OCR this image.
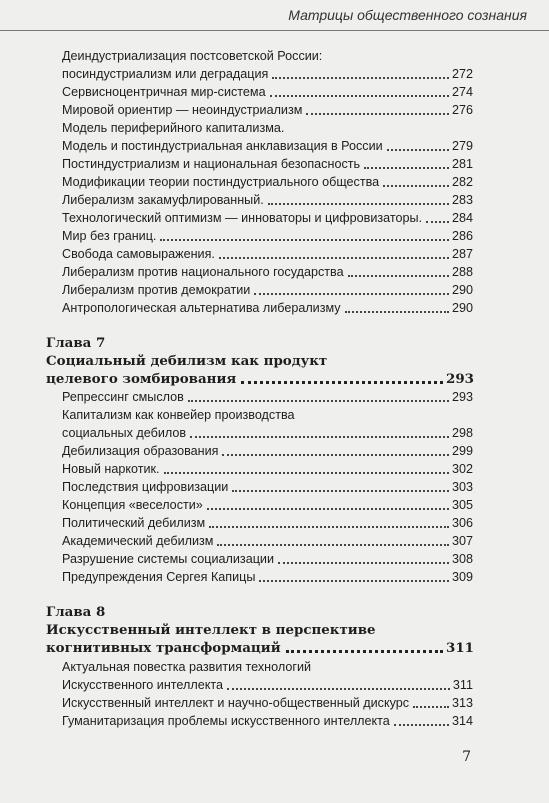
Матрицы общественного сознания
Деиндустриализация постсоветской России:
посиндустриализм или деградация	272
Сервисноцентричная мир-система	274
Мировой ориентир — неоиндустриализм	276
Модель периферийного капитализма.
Модель и постиндустриальная анклавизация в России	279
Постиндустриализм и национальная безопасность	281
Модификации теории постиндустриального общества	282
Либерализм закамуфлированный.	283
Технологический оптимизм — инноваторы и цифровизаторы. 284
Мир без границ.	286
Свобода самовыражения.	287
Либерализм против национального государства	288
Либерализм против демократии	290
Антропологическая альтернатива либерализму	290
Глава 7
Социальный дебилизм как продукт
целевого зомбирования	293
Репрессинг смыслов	293
Капитализм как конвейер производства
социальных дебилов	298
Дебилизация образования	299
Новый наркотик.	302
Последствия цифровизации	303
Концепция «веселости»	305
Политический дебилизм	306
Академический дебилизм	307
Разрушение системы социализации	308
Предупреждения Сергея Капицы	309
Глава 8
Искусственный интеллект в перспективе
когнитивных трансформаций	311
Актуальная повестка развития технологий
Искусственного интеллекта	311
Искусственный интеллект и научно-общественный дискурс	313
Гуманитаризация проблемы искусственного интеллекта	314
7
